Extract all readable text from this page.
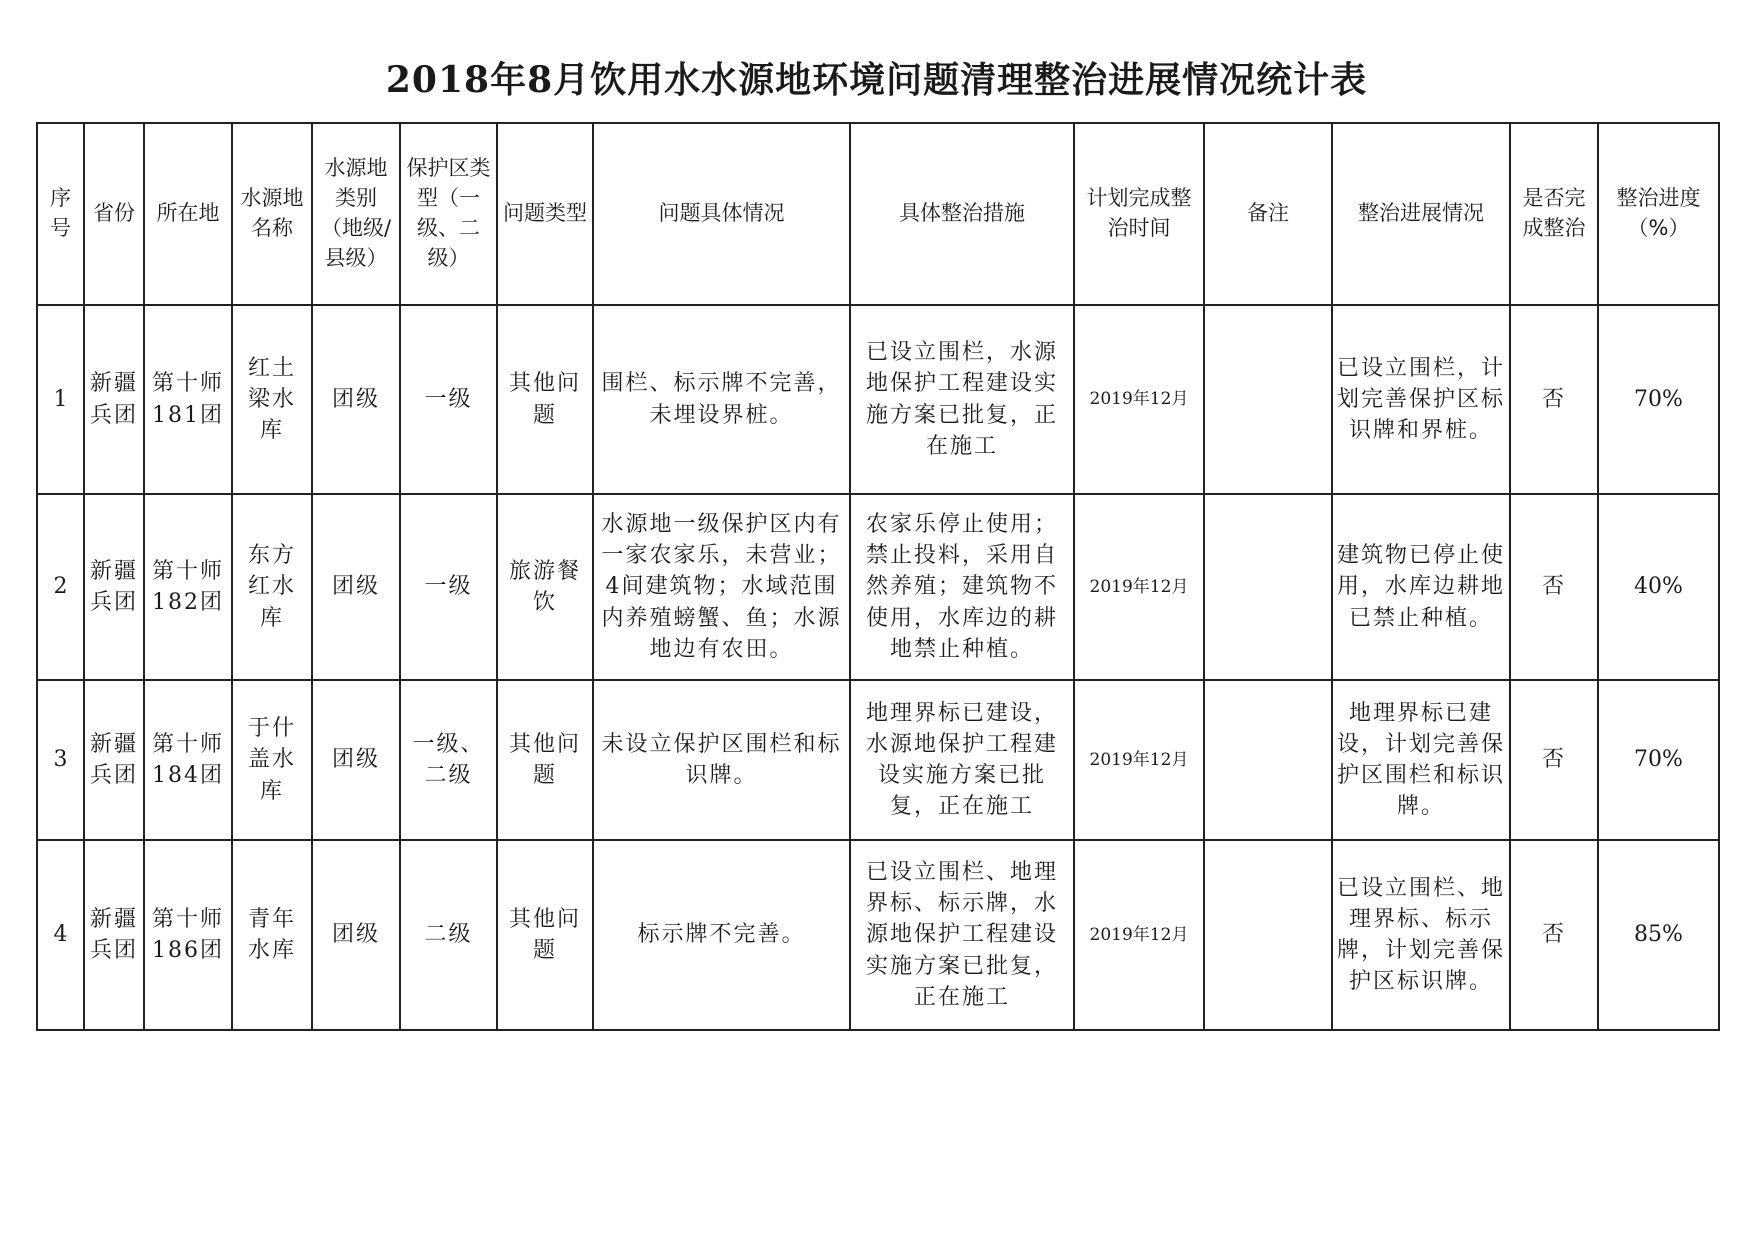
2018年8月饮用水水源地环境问题清理整治进展情况统计表
序号	省份	所在地	水源地名称	水源地类别（地级/县级）	保护区类型（一级、二级）	问题类型	问题具体情况	具体整治措施	计划完成整治时间	备注	整治进展情况	是否完成整治	整治进度（%）
1	新疆兵团	第十师181团	红土梁水库	团级	一级	其他问题	围栏、标示牌不完善，未埋设界桩。	已设立围栏，水源地保护工程建设实施方案已批复，正在施工	2019年12月		已设立围栏，计划完善保护区标识牌和界桩。	否	70%
2	新疆兵团	第十师182团	东方红水库	团级	一级	旅游餐饮	水源地一级保护区内有一家农家乐，未营业；4间建筑物；水域范围内养殖螃蟹、鱼；水源地边有农田。	农家乐停止使用；禁止投料，采用自然养殖；建筑物不使用，水库边的耕地禁止种植。	2019年12月		建筑物已停止使用，水库边耕地已禁止种植。	否	40%
3	新疆兵团	第十师184团	于什盖水库	团级	一级、二级	其他问题	未设立保护区围栏和标识牌。	地理界标已建设，水源地保护工程建设实施方案已批复，正在施工	2019年12月		地理界标已建设，计划完善保护区围栏和标识牌。	否	70%
4	新疆兵团	第十师186团	青年水库	团级	二级	其他问题	标示牌不完善。	已设立围栏、地理界标、标示牌，水源地保护工程建设实施方案已批复，正在施工	2019年12月		已设立围栏、地理界标、标示牌，计划完善保护区标识牌。	否	85%
